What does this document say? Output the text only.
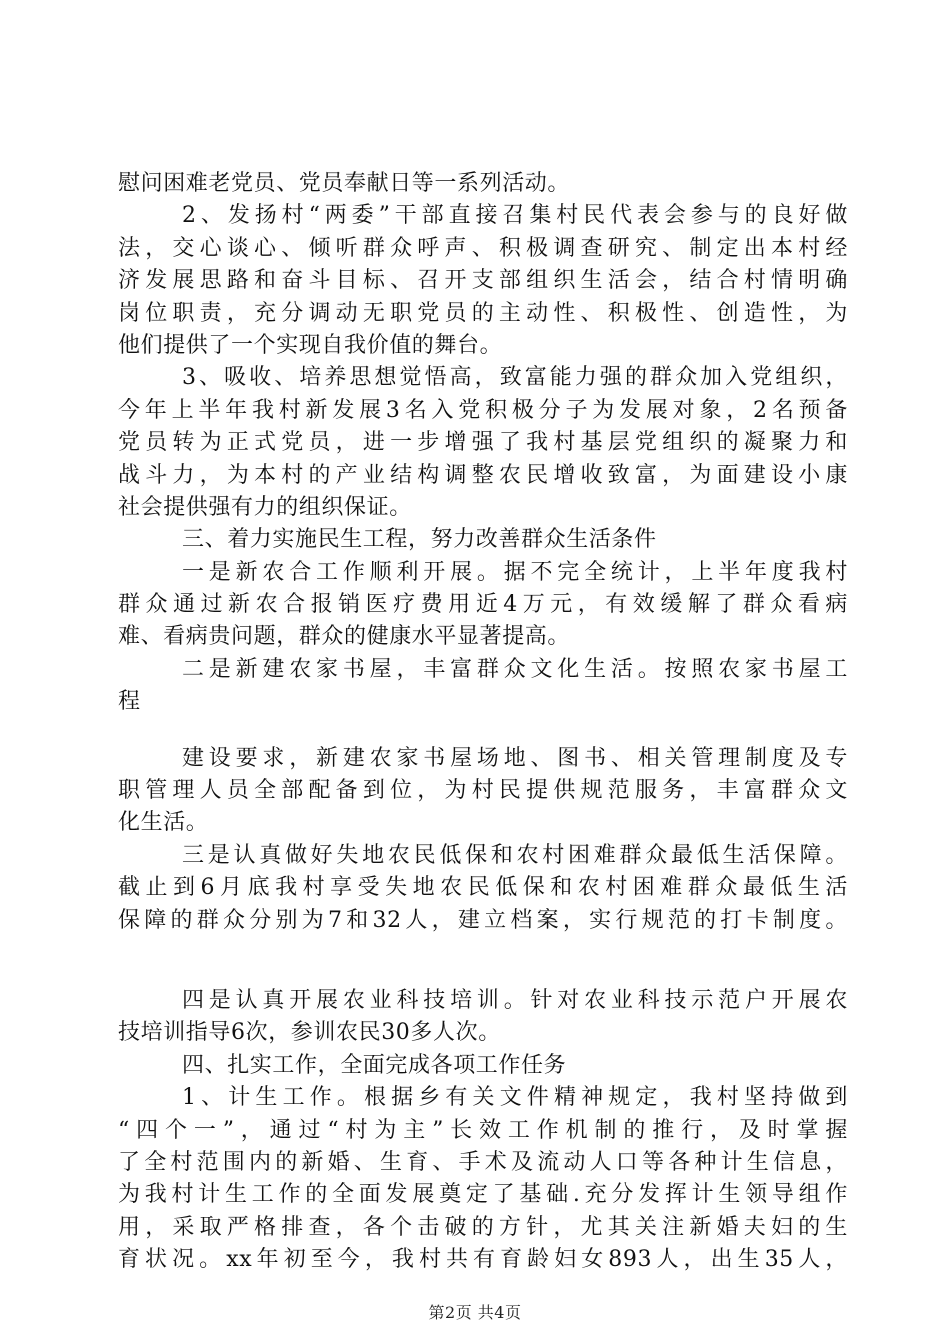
慰问困难老党员、党员奉献日等一系列活动。
2、发扬村“两委”干部直接召集村民代表会参与的良好做
法，交心谈心、倾听群众呼声、积极调查研究、制定出本村经
济发展思路和奋斗目标、召开支部组织生活会，结合村情明确
岗位职责，充分调动无职党员的主动性、积极性、创造性，为
他们提供了一个实现自我价值的舞台。
3、吸收、培养思想觉悟高，致富能力强的群众加入党组织，
今年上半年我村新发展3名入党积极分子为发展对象，2名预备
党员转为正式党员，进一步增强了我村基层党组织的凝聚力和
战斗力，为本村的产业结构调整农民增收致富，为面建设小康
社会提供强有力的组织保证。
三、着力实施民生工程，努力改善群众生活条件
一是新农合工作顺利开展。据不完全统计，上半年度我村
群众通过新农合报销医疗费用近4万元，有效缓解了群众看病
难、看病贵问题，群众的健康水平显著提高。
二是新建农家书屋，丰富群众文化生活。按照农家书屋工
程
建设要求，新建农家书屋场地、图书、相关管理制度及专
职管理人员全部配备到位，为村民提供规范服务，丰富群众文
化生活。
三是认真做好失地农民低保和农村困难群众最低生活保障。
截止到6月底我村享受失地农民低保和农村困难群众最低生活
保障的群众分别为7和32人，建立档案，实行规范的打卡制度。
四是认真开展农业科技培训。针对农业科技示范户开展农
技培训指导6次，参训农民30多人次。
四、扎实工作，全面完成各项工作任务
1、计生工作。根据乡有关文件精神规定，我村坚持做到
“四个一”，通过“村为主”长效工作机制的推行，及时掌握
了全村范围内的新婚、生育、手术及流动人口等各种计生信息，
为我村计生工作的全面发展奠定了基础.充分发挥计生领导组作
用，采取严格排查，各个击破的方针，尤其关注新婚夫妇的生
育状况。xx年初至今，我村共有育龄妇女893人，出生35人，
第2页 共4页
